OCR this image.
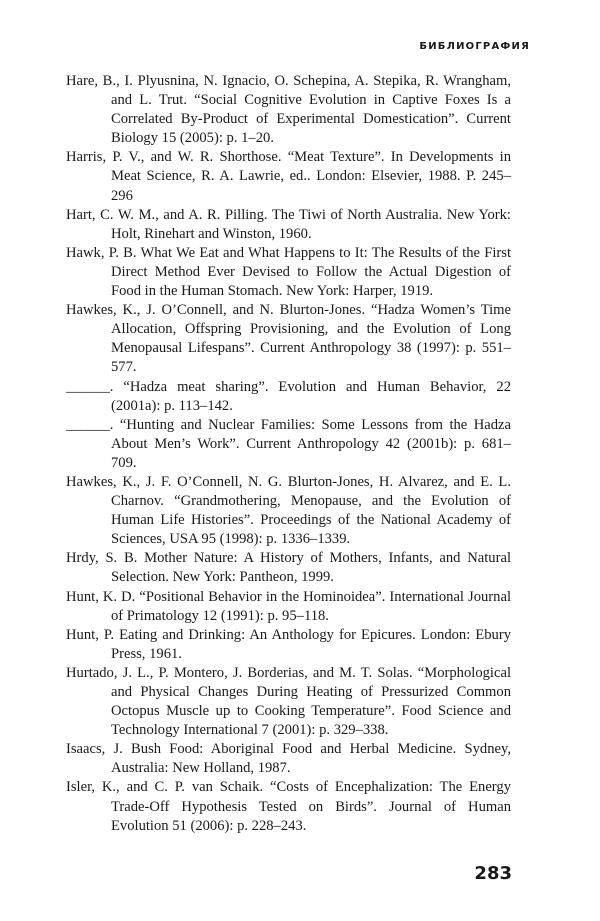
БИБЛИОГРАФИЯ

Hare, B., I. Plyusnina, N. Ignacio, O. Schepina, A. Stepika, R. Wrangham, and L. Trut. “Social Cognitive Evolution in Captive Foxes Is a Correlated By-Product of Experimental Domestication”. Current Biology 15 (2005): p. 1–20.

Harris, P. V., and W. R. Shorthose. “Meat Texture”. In Developments in Meat Science, R. A. Lawrie, ed.. London: Elsevier, 1988. P. 245–296

Hart, C. W. M., and A. R. Pilling. The Tiwi of North Australia. New York: Holt, Rinehart and Winston, 1960.

Hawk, P. B. What We Eat and What Happens to It: The Results of the First Direct Method Ever Devised to Follow the Actual Digestion of Food in the Human Stomach. New York: Harper, 1919.

Hawkes, K., J. O’Connell, and N. Blurton-Jones. “Hadza Women’s Time Allocation, Offspring Provisioning, and the Evolution of Long Menopausal Lifespans”. Current Anthropology 38 (1997): p. 551–577.

______. “Hadza meat sharing”. Evolution and Human Behavior, 22 (2001a): p. 113–142.

______. “Hunting and Nuclear Families: Some Lessons from the Hadza About Men’s Work”. Current Anthropology 42 (2001b): p. 681–709.

Hawkes, K., J. F. O’Connell, N. G. Blurton-Jones, H. Alvarez, and E. L. Charnov. “Grandmothering, Menopause, and the Evolution of Human Life Histories”. Proceedings of the National Academy of Sciences, USA 95 (1998): p. 1336–1339.

Hrdy, S. B. Mother Nature: A History of Mothers, Infants, and Natural Selection. New York: Pantheon, 1999.

Hunt, K. D. “Positional Behavior in the Hominoidea”. International Journal of Primatology 12 (1991): p. 95–118.

Hunt, P. Eating and Drinking: An Anthology for Epicures. London: Ebury Press, 1961.

Hurtado, J. L., P. Montero, J. Borderias, and M. T. Solas. “Morphological and Physical Changes During Heating of Pressurized Common Octopus Muscle up to Cooking Temperature”. Food Science and Technology International 7 (2001): p. 329–338.

Isaacs, J. Bush Food: Aboriginal Food and Herbal Medicine. Sydney, Australia: New Holland, 1987.

Isler, K., and C. P. van Schaik. “Costs of Encephalization: The Energy Trade-Off Hypothesis Tested on Birds”. Journal of Human Evolution 51 (2006): p. 228–243.

283
